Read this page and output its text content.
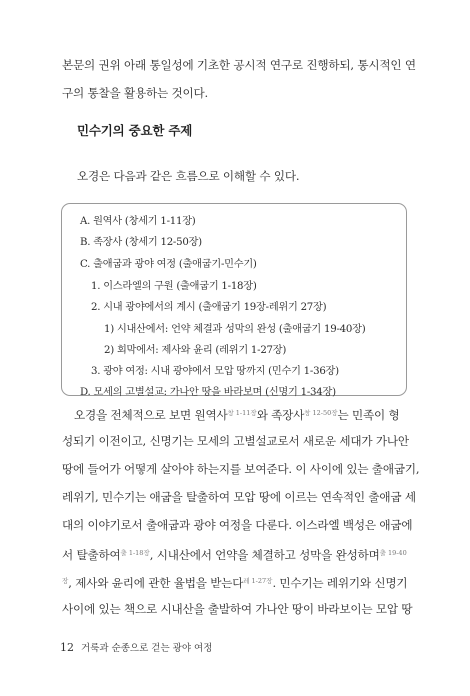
본문의 권위 아래 통일성에 기초한 공시적 연구로 진행하되, 통시적인 연
구의 통찰을 활용하는 것이다.

민수기의 중요한 주제

오경은 다음과 같은 흐름으로 이해할 수 있다.

A. 원역사 (창세기 1-11장)
B. 족장사 (창세기 12-50장)
C. 출애굽과 광야 여정 (출애굽기-민수기)
1. 이스라엘의 구원 (출애굽기 1-18장)
2. 시내 광야에서의 계시 (출애굽기 19장-레위기 27장)
1) 시내산에서: 언약 체결과 성막의 완성 (출애굽기 19-40장)
2) 회막에서: 제사와 윤리 (레위기 1-27장)
3. 광야 여정: 시내 광야에서 모압 땅까지 (민수기 1-36장)
D. 모세의 고별설교: 가나안 땅을 바라보며 (신명기 1-34장)

오경을 전체적으로 보면 원역사$^{창 1-11장}$와 족장사$^{창 12-50장}$는 민족이 형
성되기 이전이고, 신명기는 모세의 고별설교로서 새로운 세대가 가나안
땅에 들어가 어떻게 살아야 하는지를 보여준다. 이 사이에 있는 출애굽기,
레위기, 민수기는 애굽을 탈출하여 모압 땅에 이르는 연속적인 출애굽 세
대의 이야기로서 출애굽과 광야 여정을 다룬다. 이스라엘 백성은 애굽에
서 탈출하여$^{출 1-18장}$, 시내산에서 언약을 체결하고 성막을 완성하며$^{출 19-40}$
$^장$, 제사와 윤리에 관한 율법을 받는다$^{레 1-27장}$. 민수기는 레위기와 신명기
사이에 있는 책으로 시내산을 출발하여 가나안 땅이 바라보이는 모압 땅

12 거룩과 순종으로 걷는 광야 여정
